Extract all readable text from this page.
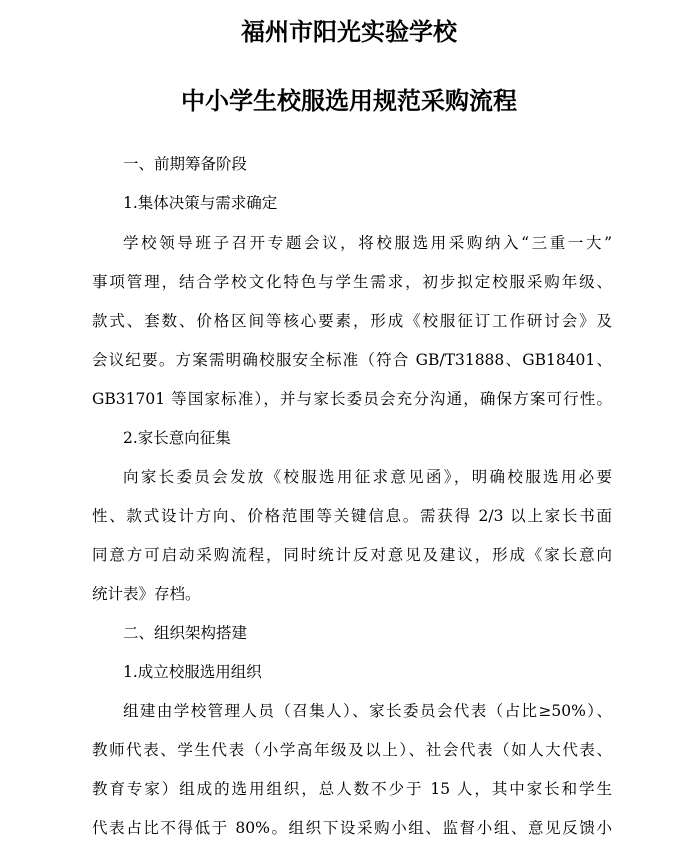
福州市阳光实验学校
中小学生校服选用规范采购流程
一、前期筹备阶段
1.集体决策与需求确定
学校领导班子召开专题会议，将校服选用采购纳入“三重一大”
事项管理，结合学校文化特色与学生需求，初步拟定校服采购年级、
款式、套数、价格区间等核心要素，形成《校服征订工作研讨会》及
会议纪要。方案需明确校服安全标准（符合 GB/T31888、GB18401、
GB31701 等国家标准），并与家长委员会充分沟通，确保方案可行性。
2.家长意向征集
向家长委员会发放《校服选用征求意见函》，明确校服选用必要
性、款式设计方向、价格范围等关键信息。需获得 2/3 以上家长书面
同意方可启动采购流程，同时统计反对意见及建议，形成《家长意向
统计表》存档。
二、组织架构搭建
1.成立校服选用组织
组建由学校管理人员（召集人）、家长委员会代表（占比≥50%）、
教师代表、学生代表（小学高年级及以上）、社会代表（如人大代表、
教育专家）组成的选用组织，总人数不少于 15 人，其中家长和学生
代表占比不得低于 80%。组织下设采购小组、监督小组、意见反馈小
